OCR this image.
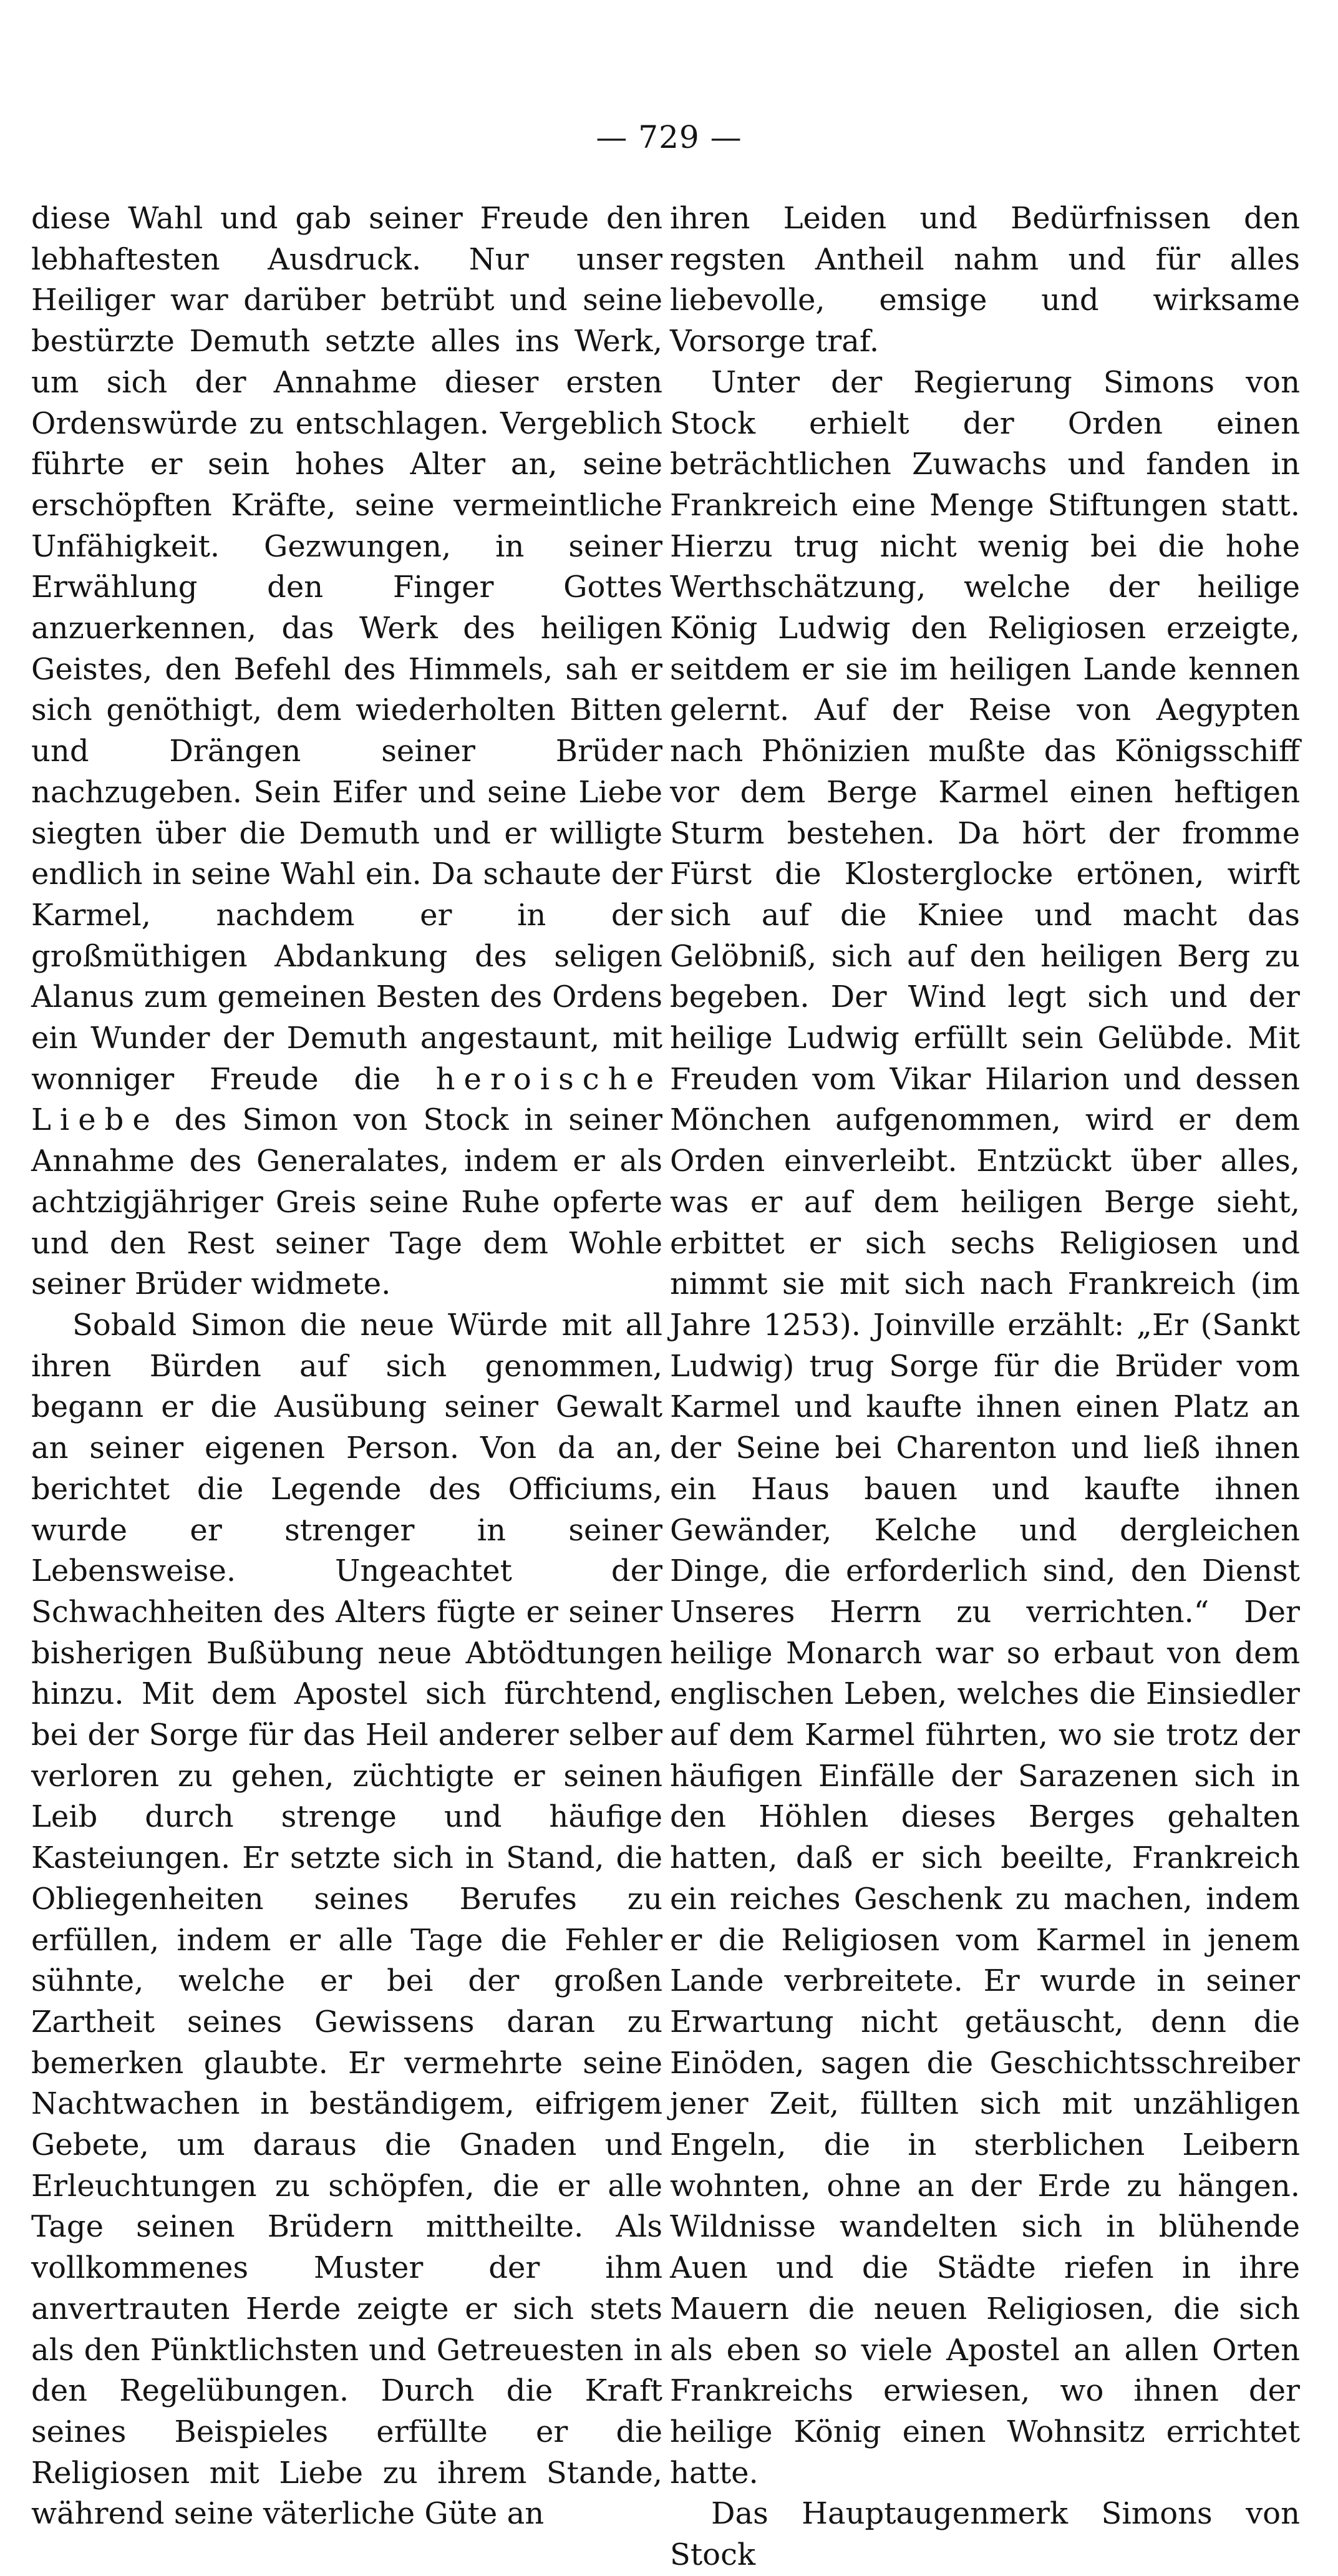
— 729 —

diese Wahl und gab seiner Freude den lebhaftesten Ausdruck. Nur unser Heiliger war darüber betrübt und seine bestürzte Demuth setzte alles ins Werk, um sich der Annahme dieser ersten Ordenswürde zu entschlagen. Vergeblich führte er sein hohes Alter an, seine erschöpften Kräfte, seine vermeintliche Unfähigkeit. Gezwungen, in seiner Erwählung den Finger Gottes anzuerkennen, das Werk des heiligen Geistes, den Befehl des Himmels, sah er sich genöthigt, dem wiederholten Bitten und Drängen seiner Brüder nachzugeben. Sein Eifer und seine Liebe siegten über die Demuth und er willigte endlich in seine Wahl ein. Da schaute der Karmel, nachdem er in der großmüthigen Abdankung des seligen Alanus zum gemeinen Besten des Ordens ein Wunder der Demuth angestaunt, mit wonniger Freude die heroische Liebe des Simon von Stock in seiner Annahme des Generalates, indem er als achtzigjähriger Greis seine Ruhe opferte und den Rest seiner Tage dem Wohle seiner Brüder widmete.

Sobald Simon die neue Würde mit all ihren Bürden auf sich genommen, begann er die Ausübung seiner Gewalt an seiner eigenen Person. Von da an, berichtet die Legende des Officiums, wurde er strenger in seiner Lebensweise. Ungeachtet der Schwachheiten des Alters fügte er seiner bisherigen Bußübung neue Abtödtungen hinzu. Mit dem Apostel sich fürchtend, bei der Sorge für das Heil anderer selber verloren zu gehen, züchtigte er seinen Leib durch strenge und häufige Kasteiungen. Er setzte sich in Stand, die Obliegenheiten seines Berufes zu erfüllen, indem er alle Tage die Fehler sühnte, welche er bei der großen Zartheit seines Gewissens daran zu bemerken glaubte. Er vermehrte seine Nachtwachen in beständigem, eifrigem Gebete, um daraus die Gnaden und Erleuchtungen zu schöpfen, die er alle Tage seinen Brüdern mittheilte. Als vollkommenes Muster der ihm anvertrauten Herde zeigte er sich stets als den Pünktlichsten und Getreuesten in den Regelübungen. Durch die Kraft seines Beispieles erfüllte er die Religiosen mit Liebe zu ihrem Stande, während seine väterliche Güte an

ihren Leiden und Bedürfnissen den regsten Antheil nahm und für alles liebevolle, emsige und wirksame Vorsorge traf.

Unter der Regierung Simons von Stock erhielt der Orden einen beträchtlichen Zuwachs und fanden in Frankreich eine Menge Stiftungen statt. Hierzu trug nicht wenig bei die hohe Werthschätzung, welche der heilige König Ludwig den Religiosen erzeigte, seitdem er sie im heiligen Lande kennen gelernt. Auf der Reise von Aegypten nach Phönizien mußte das Königsschiff vor dem Berge Karmel einen heftigen Sturm bestehen. Da hört der fromme Fürst die Klosterglocke ertönen, wirft sich auf die Kniee und macht das Gelöbniß, sich auf den heiligen Berg zu begeben. Der Wind legt sich und der heilige Ludwig erfüllt sein Gelübde. Mit Freuden vom Vikar Hilarion und dessen Mönchen aufgenommen, wird er dem Orden einverleibt. Entzückt über alles, was er auf dem heiligen Berge sieht, erbittet er sich sechs Religiosen und nimmt sie mit sich nach Frankreich (im Jahre 1253). Joinville erzählt: „Er (Sankt Ludwig) trug Sorge für die Brüder vom Karmel und kaufte ihnen einen Platz an der Seine bei Charenton und ließ ihnen ein Haus bauen und kaufte ihnen Gewänder, Kelche und dergleichen Dinge, die erforderlich sind, den Dienst Unseres Herrn zu verrichten.“ Der heilige Monarch war so erbaut von dem englischen Leben, welches die Einsiedler auf dem Karmel führten, wo sie trotz der häufigen Einfälle der Sarazenen sich in den Höhlen dieses Berges gehalten hatten, daß er sich beeilte, Frankreich ein reiches Geschenk zu machen, indem er die Religiosen vom Karmel in jenem Lande verbreitete. Er wurde in seiner Erwartung nicht getäuscht, denn die Einöden, sagen die Geschichtsschreiber jener Zeit, füllten sich mit unzähligen Engeln, die in sterblichen Leibern wohnten, ohne an der Erde zu hängen. Wildnisse wandelten sich in blühende Auen und die Städte riefen in ihre Mauern die neuen Religiosen, die sich als eben so viele Apostel an allen Orten Frankreichs erwiesen, wo ihnen der heilige König einen Wohnsitz errichtet hatte.

Das Hauptaugenmerk Simons von Stock
